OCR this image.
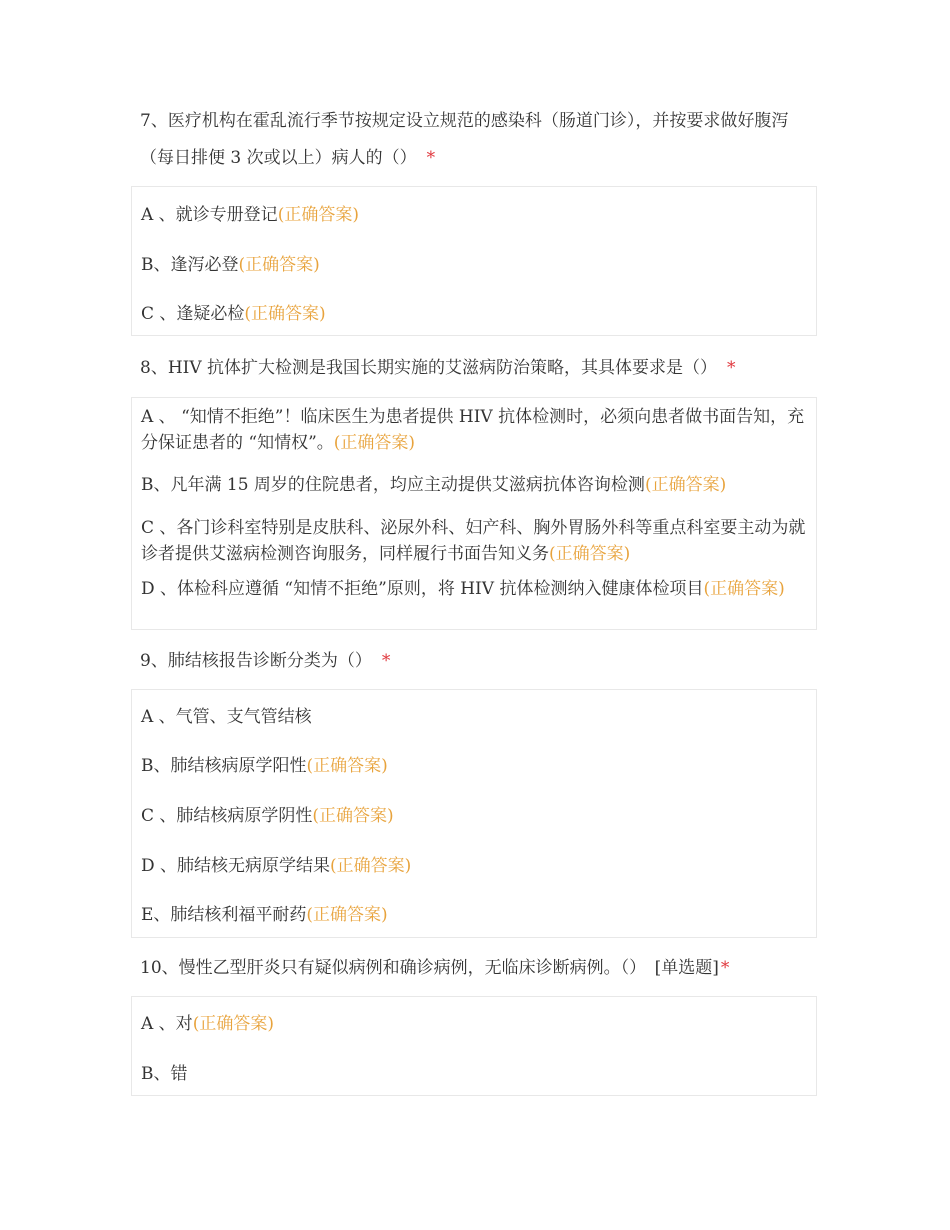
7、医疗机构在霍乱流行季节按规定设立规范的感染科（肠道门诊），并按要求做好腹泻（每日排便 3 次或以上）病人的（） *
A 、就诊专册登记(正确答案)
B、逢泻必登(正确答案)
C 、逢疑必检(正确答案)
8、HIV 抗体扩大检测是我国长期实施的艾滋病防治策略，其具体要求是（） *
A 、 “知情不拒绝”！临床医生为患者提供 HIV 抗体检测时，必须向患者做书面告知，充分保证患者的 “知情权”。(正确答案)
B、凡年满 15 周岁的住院患者，均应主动提供艾滋病抗体咨询检测(正确答案)
C 、各门诊科室特别是皮肤科、泌尿外科、妇产科、胸外胃肠外科等重点科室要主动为就诊者提供艾滋病检测咨询服务，同样履行书面告知义务(正确答案)
D 、体检科应遵循 “知情不拒绝”原则，将 HIV 抗体检测纳入健康体检项目(正确答案)
9、肺结核报告诊断分类为（） *
A 、气管、支气管结核
B、肺结核病原学阳性(正确答案)
C 、肺结核病原学阴性(正确答案)
D 、肺结核无病原学结果(正确答案)
E、肺结核利福平耐药(正确答案)
10、慢性乙型肝炎只有疑似病例和确诊病例，无临床诊断病例。（）　[单选题] *
A 、对(正确答案)
B、错
